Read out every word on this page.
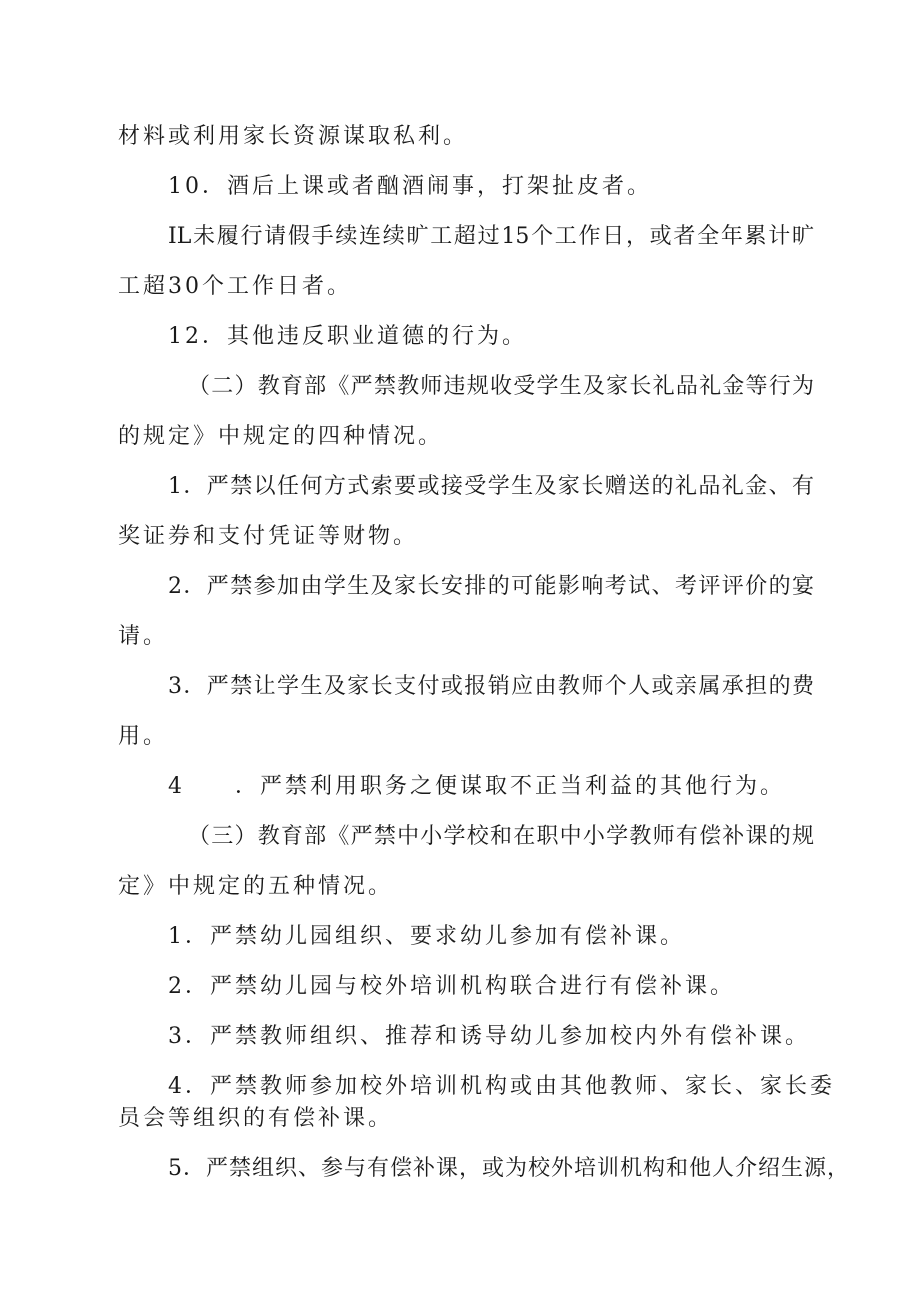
材料或利用家长资源谋取私利。
10．酒后上课或者酗酒闹事，打架扯皮者。
IL未履行请假手续连续旷工超过15个工作日，或者全年累计旷
工超30个工作日者。
12．其他违反职业道德的行为。
（二）教育部《严禁教师违规收受学生及家长礼品礼金等行为
的规定》中规定的四种情况。
1．严禁以任何方式索要或接受学生及家长赠送的礼品礼金、有
奖证券和支付凭证等财物。
2．严禁参加由学生及家长安排的可能影响考试、考评评价的宴
请。
3．严禁让学生及家长支付或报销应由教师个人或亲属承担的费
用。
4　　．严禁利用职务之便谋取不正当利益的其他行为。
（三）教育部《严禁中小学校和在职中小学教师有偿补课的规
定》中规定的五种情况。
1．严禁幼儿园组织、要求幼儿参加有偿补课。
2．严禁幼儿园与校外培训机构联合进行有偿补课。
3．严禁教师组织、推荐和诱导幼儿参加校内外有偿补课。
4．严禁教师参加校外培训机构或由其他教师、家长、家长委
员会等组织的有偿补课。
5．严禁组织、参与有偿补课，或为校外培训机构和他人介绍生源，
